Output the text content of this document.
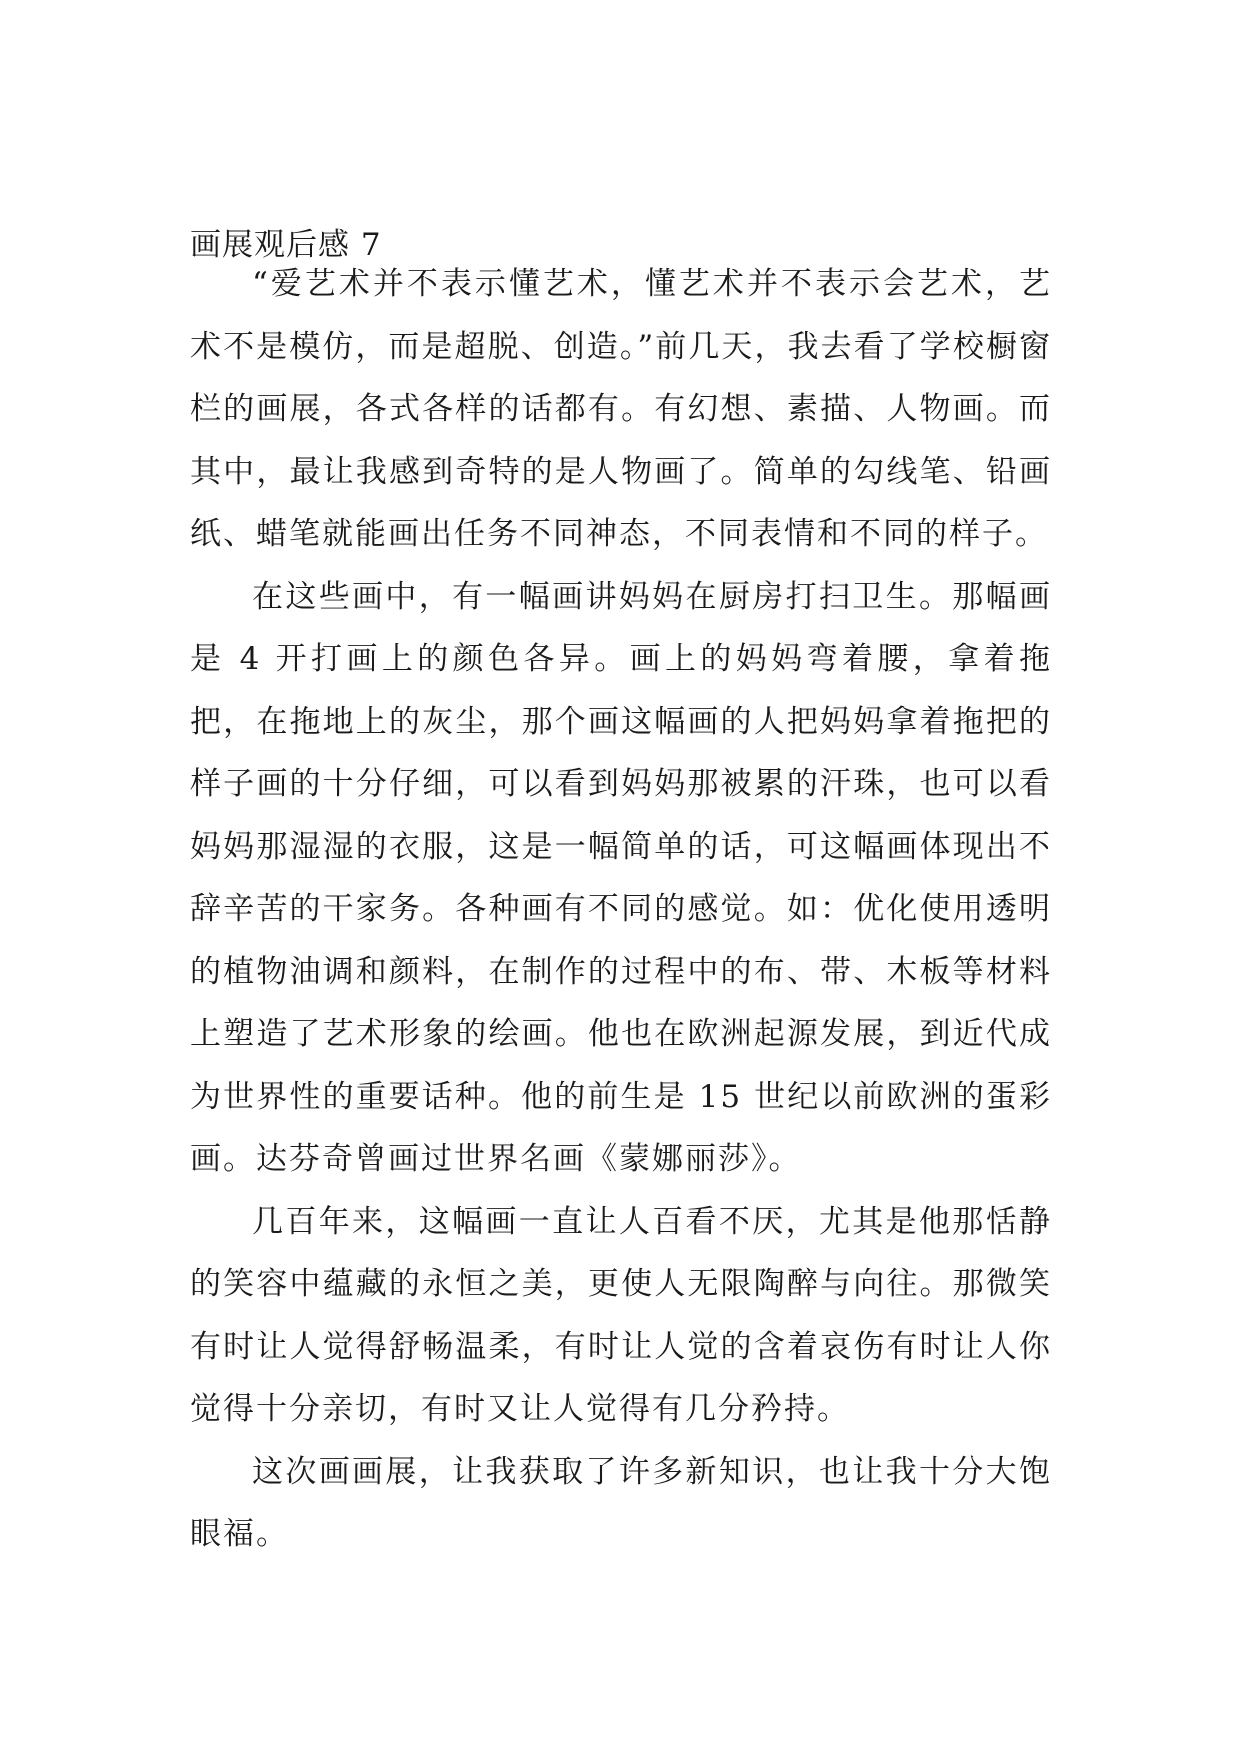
画展观后感 7

“爱艺术并不表示懂艺术，懂艺术并不表示会艺术，艺术不是模仿，而是超脱、创造。”前几天，我去看了学校橱窗栏的画展，各式各样的话都有。有幻想、素描、人物画。而其中，最让我感到奇特的是人物画了。简单的勾线笔、铅画纸、蜡笔就能画出任务不同神态，不同表情和不同的样子。

在这些画中，有一幅画讲妈妈在厨房打扫卫生。那幅画是 4 开打画上的颜色各异。画上的妈妈弯着腰，拿着拖把，在拖地上的灰尘，那个画这幅画的人把妈妈拿着拖把的样子画的十分仔细，可以看到妈妈那被累的汗珠，也可以看妈妈那湿湿的衣服，这是一幅简单的话，可这幅画体现出不辞辛苦的干家务。各种画有不同的感觉。如：优化使用透明的植物油调和颜料，在制作的过程中的布、带、木板等材料上塑造了艺术形象的绘画。他也在欧洲起源发展，到近代成为世界性的重要话种。他的前生是 15 世纪以前欧洲的蛋彩画。达芬奇曾画过世界名画《蒙娜丽莎》。

几百年来，这幅画一直让人百看不厌，尤其是他那恬静的笑容中蕴藏的永恒之美，更使人无限陶醉与向往。那微笑有时让人觉得舒畅温柔，有时让人觉的含着哀伤有时让人你觉得十分亲切，有时又让人觉得有几分矜持。

这次画画展，让我获取了许多新知识，也让我十分大饱眼福。
